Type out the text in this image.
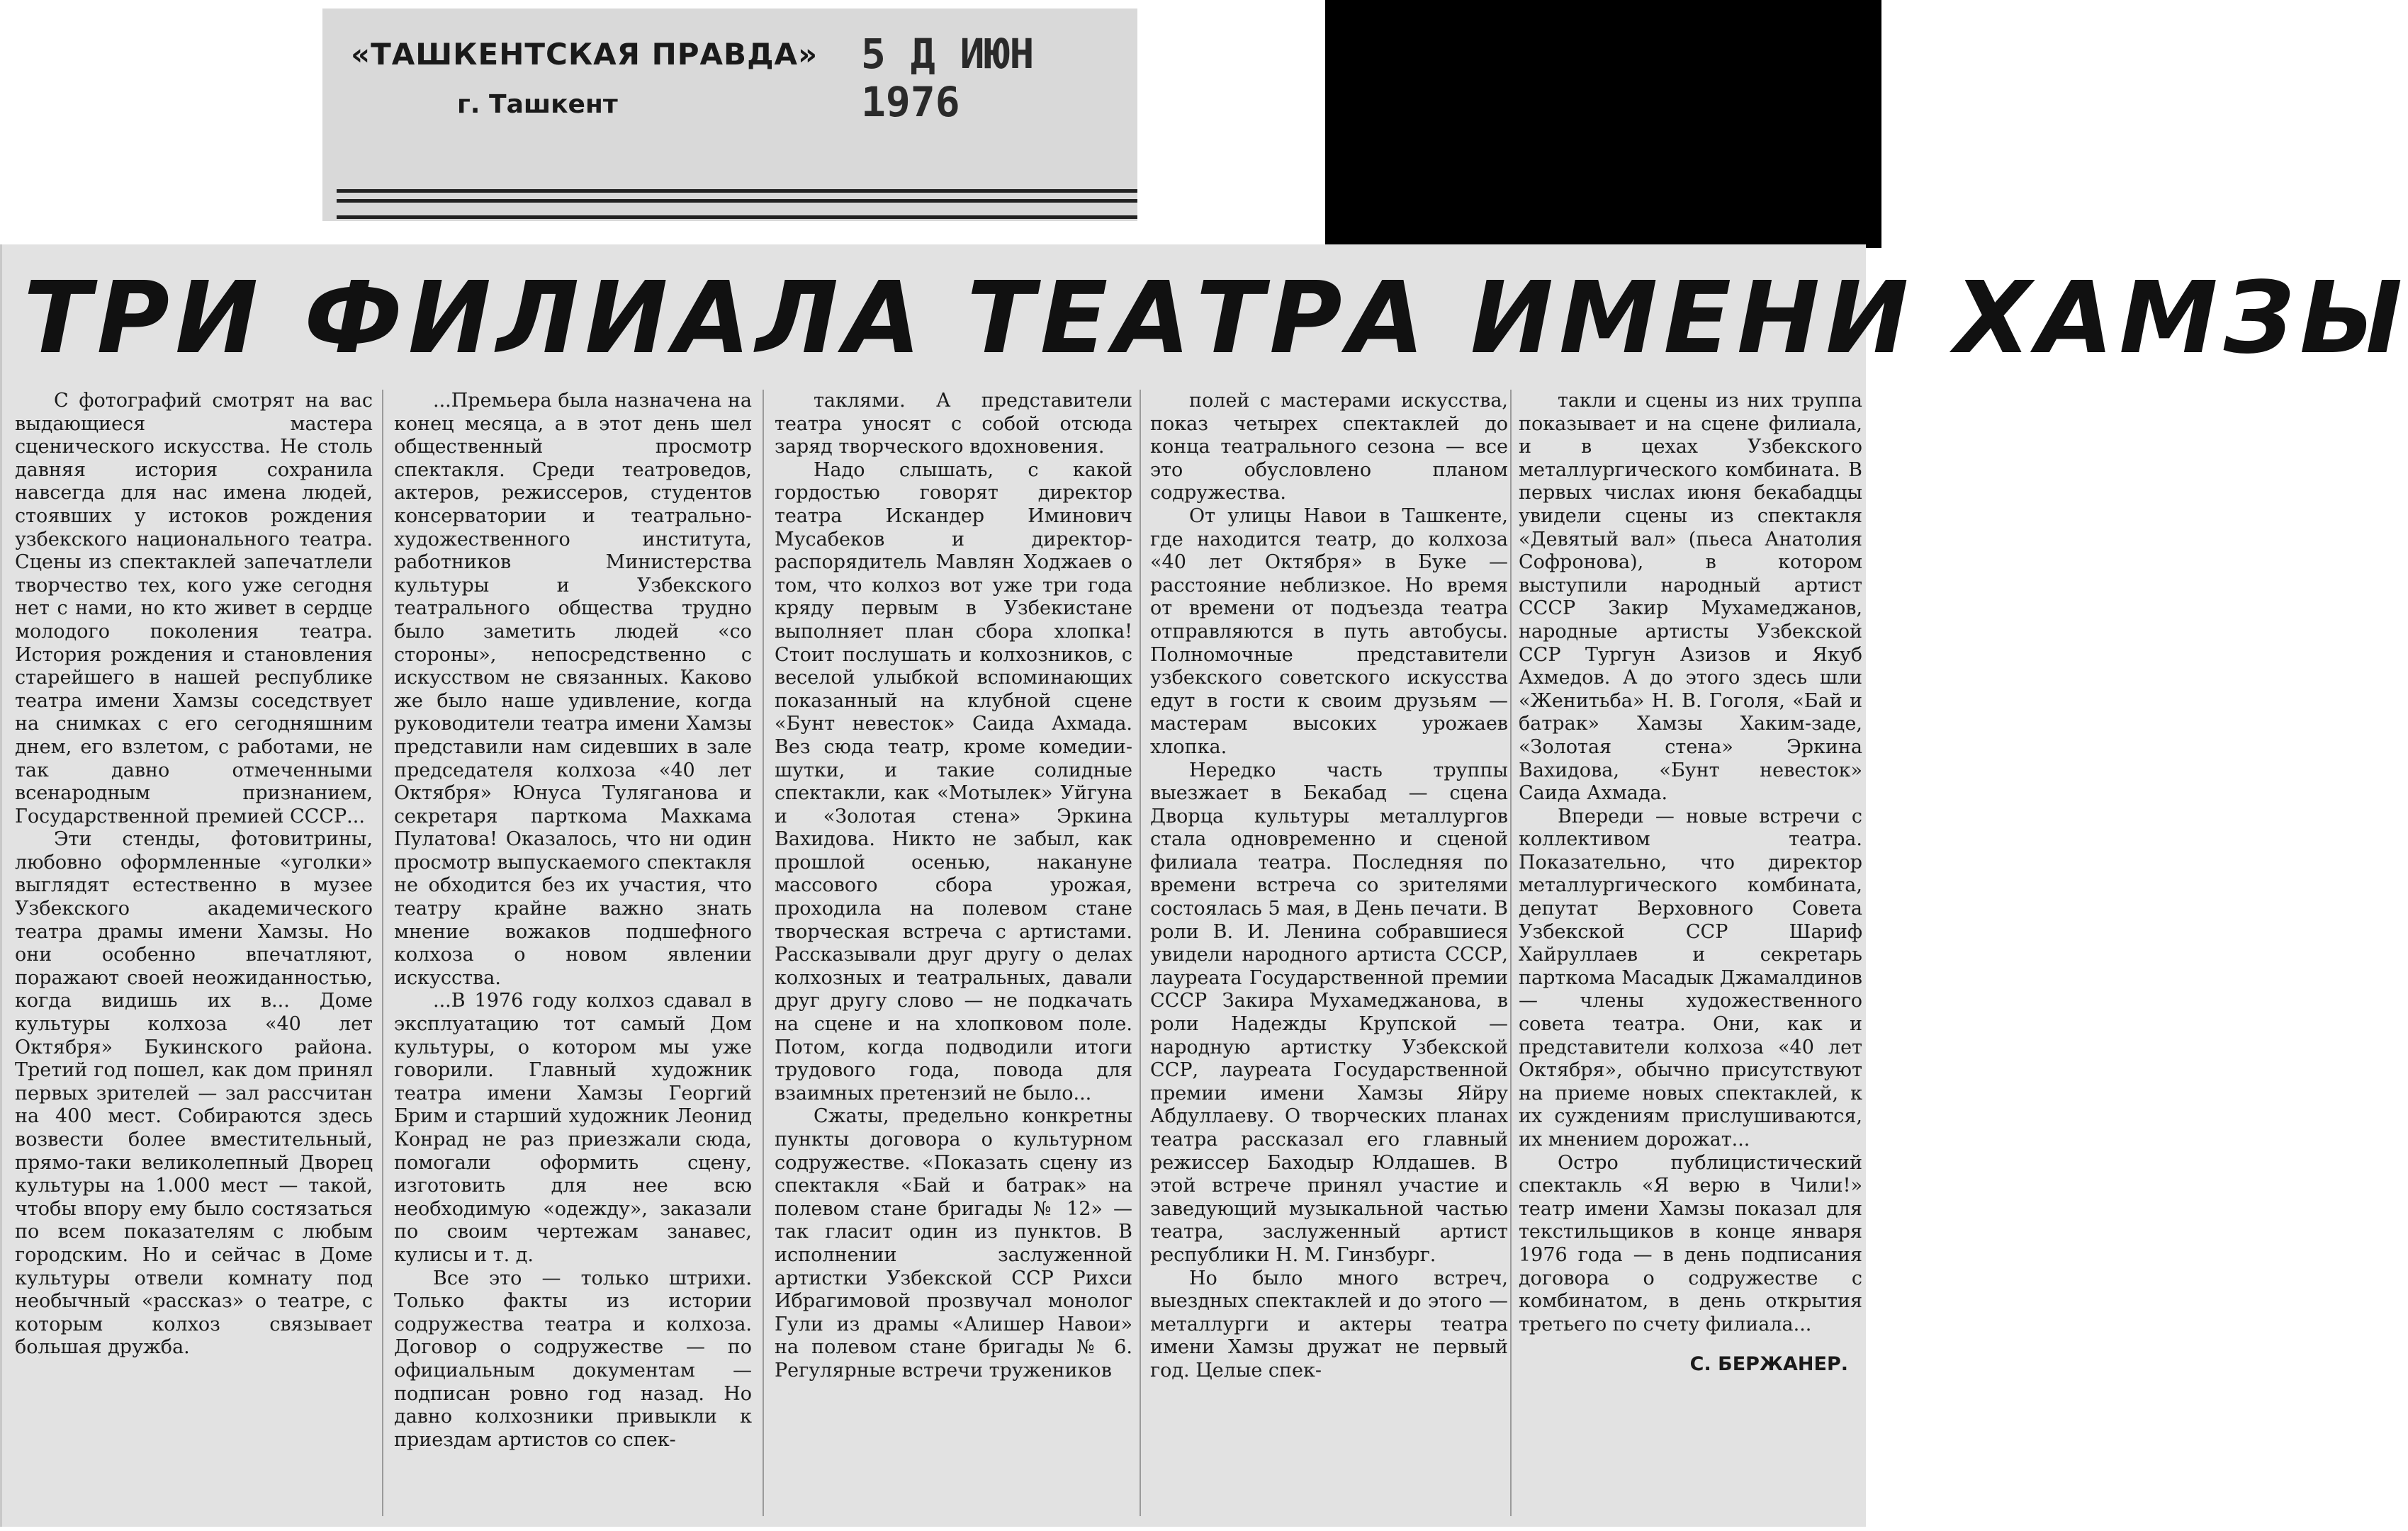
«ТАШКЕНТСКАЯ ПРАВДА»
г. Ташкент
5 Д ИЮН 1976
ТРИ ФИЛИАЛА ТЕАТРА ИМЕНИ ХАМЗЫ

С фотографий смотрят на вас выдающиеся мастера сценического искусства. Не столь давняя история сохранила навсегда для нас имена людей, стоявших у истоков рождения узбекского национального театра. Сцены из спектаклей запечатлели творчество тех, кого уже сегодня нет с нами, но кто живет в сердце молодого поколения театра. История рождения и становления старейшего в нашей республике театра имени Хамзы соседствует на снимках с его сегодняшним днем, его взлетом, с работами, не так давно отмеченными всенародным признанием, Государственной премией СССР...

Эти стенды, фотовитрины, любовно оформленные «уголки» выглядят естественно в музее Узбекского академического театра драмы имени Хамзы. Но они особенно впечатляют, поражают своей неожиданностью, когда видишь их в... Доме культуры колхоза «40 лет Октября» Букинского района. Третий год пошел, как дом принял первых зрителей — зал рассчитан на 400 мест. Собираются здесь возвести более вместительный, прямо-таки великолепный Дворец культуры на 1.000 мест — такой, чтобы впору ему было состязаться по всем показателям с любым городским. Но и сейчас в Доме культуры отвели комнату под необычный «рассказ» о театре, с которым колхоз связывает большая дружба.

...Премьера была назначена на конец месяца, а в этот день шел общественный просмотр спектакля. Среди театроведов, актеров, режиссеров, студентов консерватории и театрально-художественного института, работников Министерства культуры и Узбекского театрального общества трудно было заметить людей «со стороны», непосредственно с искусством не связанных. Каково же было наше удивление, когда руководители театра имени Хамзы представили нам сидевших в зале председателя колхоза «40 лет Октября» Юнуса Туляганова и секретаря парткома Махкама Пулатова! Оказалось, что ни один просмотр выпускаемого спектакля не обходится без их участия, что театру крайне важно знать мнение вожаков подшефного колхоза о новом явлении искусства.

...В 1976 году колхоз сдавал в эксплуатацию тот самый Дом культуры, о котором мы уже говорили. Главный художник театра имени Хамзы Георгий Брим и старший художник Леонид Конрад не раз приезжали сюда, помогали оформить сцену, изготовить для нее всю необходимую «одежду», заказали по своим чертежам занавес, кулисы и т. д.

Все это — только штрихи. Только факты из истории содружества театра и колхоза. Договор о содружестве — по официальным документам — подписан ровно год назад. Но давно колхозники привыкли к приездам артистов со спек-

таклями. А представители театра уносят с собой отсюда заряд творческого вдохновения.

Надо слышать, с какой гордостью говорят директор театра Искандер Иминович Мусабеков и директор-распорядитель Мавлян Ходжаев о том, что колхоз вот уже три года кряду первым в Узбекистане выполняет план сбора хлопка! Стоит послушать и колхозников, с веселой улыбкой вспоминающих показанный на клубной сцене «Бунт невесток» Саида Ахмада. Вез сюда театр, кроме комедии-шутки, и такие солидные спектакли, как «Мотылек» Уйгуна и «Золотая стена» Эркина Вахидова. Никто не забыл, как прошлой осенью, накануне массового сбора урожая, проходила на полевом стане творческая встреча с артистами. Рассказывали друг другу о делах колхозных и театральных, давали друг другу слово — не подкачать на сцене и на хлопковом поле. Потом, когда подводили итоги трудового года, повода для взаимных претензий не было...

Сжаты, предельно конкретны пункты договора о культурном содружестве. «Показать сцену из спектакля «Бай и батрак» на полевом стане бригады № 12» — так гласит один из пунктов. В исполнении заслуженной артистки Узбекской ССР Рихси Ибрагимовой прозвучал монолог Гули из драмы «Алишер Навои» на полевом стане бригады № 6. Регулярные встречи тружеников

полей с мастерами искусства, показ четырех спектаклей до конца театрального сезона — все это обусловлено планом содружества.

От улицы Навои в Ташкенте, где находится театр, до колхоза «40 лет Октября» в Буке — расстояние неблизкое. Но время от времени от подъезда театра отправляются в путь автобусы. Полномочные представители узбекского советского искусства едут в гости к своим друзьям — мастерам высоких урожаев хлопка.

Нередко часть труппы выезжает в Бекабад — сцена Дворца культуры металлургов стала одновременно и сценой филиала театра. Последняя по времени встреча со зрителями состоялась 5 мая, в День печати. В роли В. И. Ленина собравшиеся увидели народного артиста СССР, лауреата Государственной премии СССР Закира Мухамеджанова, в роли Надежды Крупской — народную артистку Узбекской ССР, лауреата Государственной премии имени Хамзы Яйру Абдуллаеву. О творческих планах театра рассказал его главный режиссер Баходыр Юлдашев. В этой встрече принял участие и заведующий музыкальной частью театра, заслуженный артист республики Н. М. Гинзбург.

Но было много встреч, выездных спектаклей и до этого — металлурги и актеры театра имени Хамзы дружат не первый год. Целые спек-

такли и сцены из них труппа показывает и на сцене филиала, и в цехах Узбекского металлургического комбината. В первых числах июня бекабадцы увидели сцены из спектакля «Девятый вал» (пьеса Анатолия Софронова), в котором выступили народный артист СССР Закир Мухамеджанов, народные артисты Узбекской ССР Тургун Азизов и Якуб Ахмедов. А до этого здесь шли «Женитьба» Н. В. Гоголя, «Бай и батрак» Хамзы Хаким-заде, «Золотая стена» Эркина Вахидова, «Бунт невесток» Саида Ахмада.

Впереди — новые встречи с коллективом театра. Показательно, что директор металлургического комбината, депутат Верховного Совета Узбекской ССР Шариф Хайруллаев и секретарь парткома Масадык Джамалдинов — члены художественного совета театра. Они, как и представители колхоза «40 лет Октября», обычно присутствуют на приеме новых спектаклей, к их суждениям прислушиваются, их мнением дорожат...

Остро публицистический спектакль «Я верю в Чили!» театр имени Хамзы показал для текстильщиков в конце января 1976 года — в день подписания договора о содружестве с комбинатом, в день открытия третьего по счету филиала...

С. БЕРЖАНЕР.
